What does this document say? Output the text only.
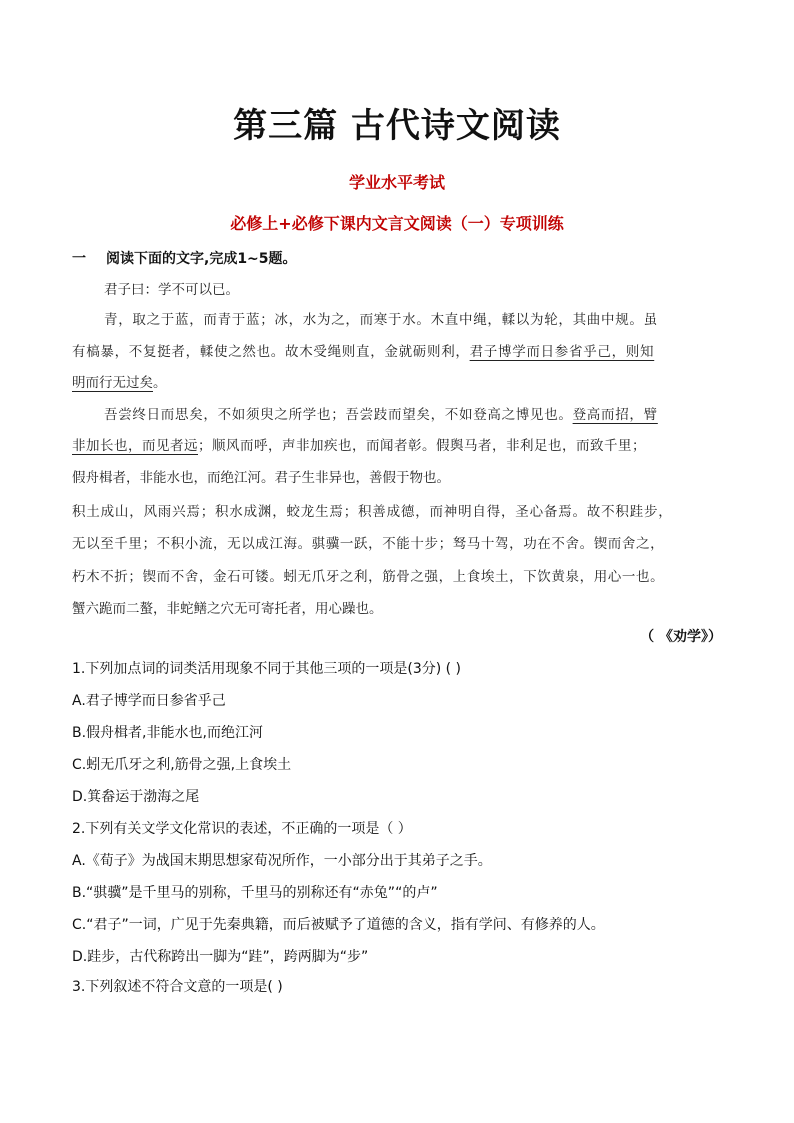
第三篇 古代诗文阅读
学业水平考试
必修上+必修下课内文言文阅读（一）专项训练
一 阅读下面的文字,完成1~5题。
君子曰：学不可以已。
青，取之于蓝，而青于蓝；冰，水为之，而寒于水。木直中绳，輮以为轮，其曲中规。虽
有槁暴，不复挺者，輮使之然也。故木受绳则直，金就砺则利，君子博学而日参省乎己，则知
明而行无过矣。
吾尝终日而思矣，不如须臾之所学也；吾尝跂而望矣，不如登高之博见也。登高而招，臂
非加长也，而见者远；顺风而呼，声非加疾也，而闻者彰。假舆马者，非利足也，而致千里；
假舟楫者，非能水也，而绝江河。君子生非异也，善假于物也。
积土成山，风雨兴焉；积水成渊，蛟龙生焉；积善成德，而神明自得，圣心备焉。故不积跬步，
无以至千里；不积小流，无以成江海。骐骥一跃，不能十步；驽马十驾，功在不舍。锲而舍之，
朽木不折；锲而不舍，金石可镂。蚓无爪牙之利，筋骨之强，上食埃土，下饮黄泉，用心一也。
蟹六跪而二螯，非蛇鳝之穴无可寄托者，用心躁也。
（ 《劝学》）
1.下列加点词的词类活用现象不同于其他三项的一项是(3分) ( )
A.君子博学而日参省乎己
B.假舟楫者,非能水也,而绝江河
C.蚓无爪牙之利,筋骨之强,上食埃土
D.箕畚运于渤海之尾
2.下列有关文学文化常识的表述，不正确的一项是（ ）
A.《荀子》为战国末期思想家荀况所作，一小部分出于其弟子之手。
B.“骐骥”是千里马的别称，千里马的别称还有“赤兔”“的卢”
C.“君子”一词，广见于先秦典籍，而后被赋予了道德的含义，指有学问、有修养的人。
D.跬步，古代称跨出一脚为“跬”，跨两脚为“步”
3.下列叙述不符合文意的一项是( )
